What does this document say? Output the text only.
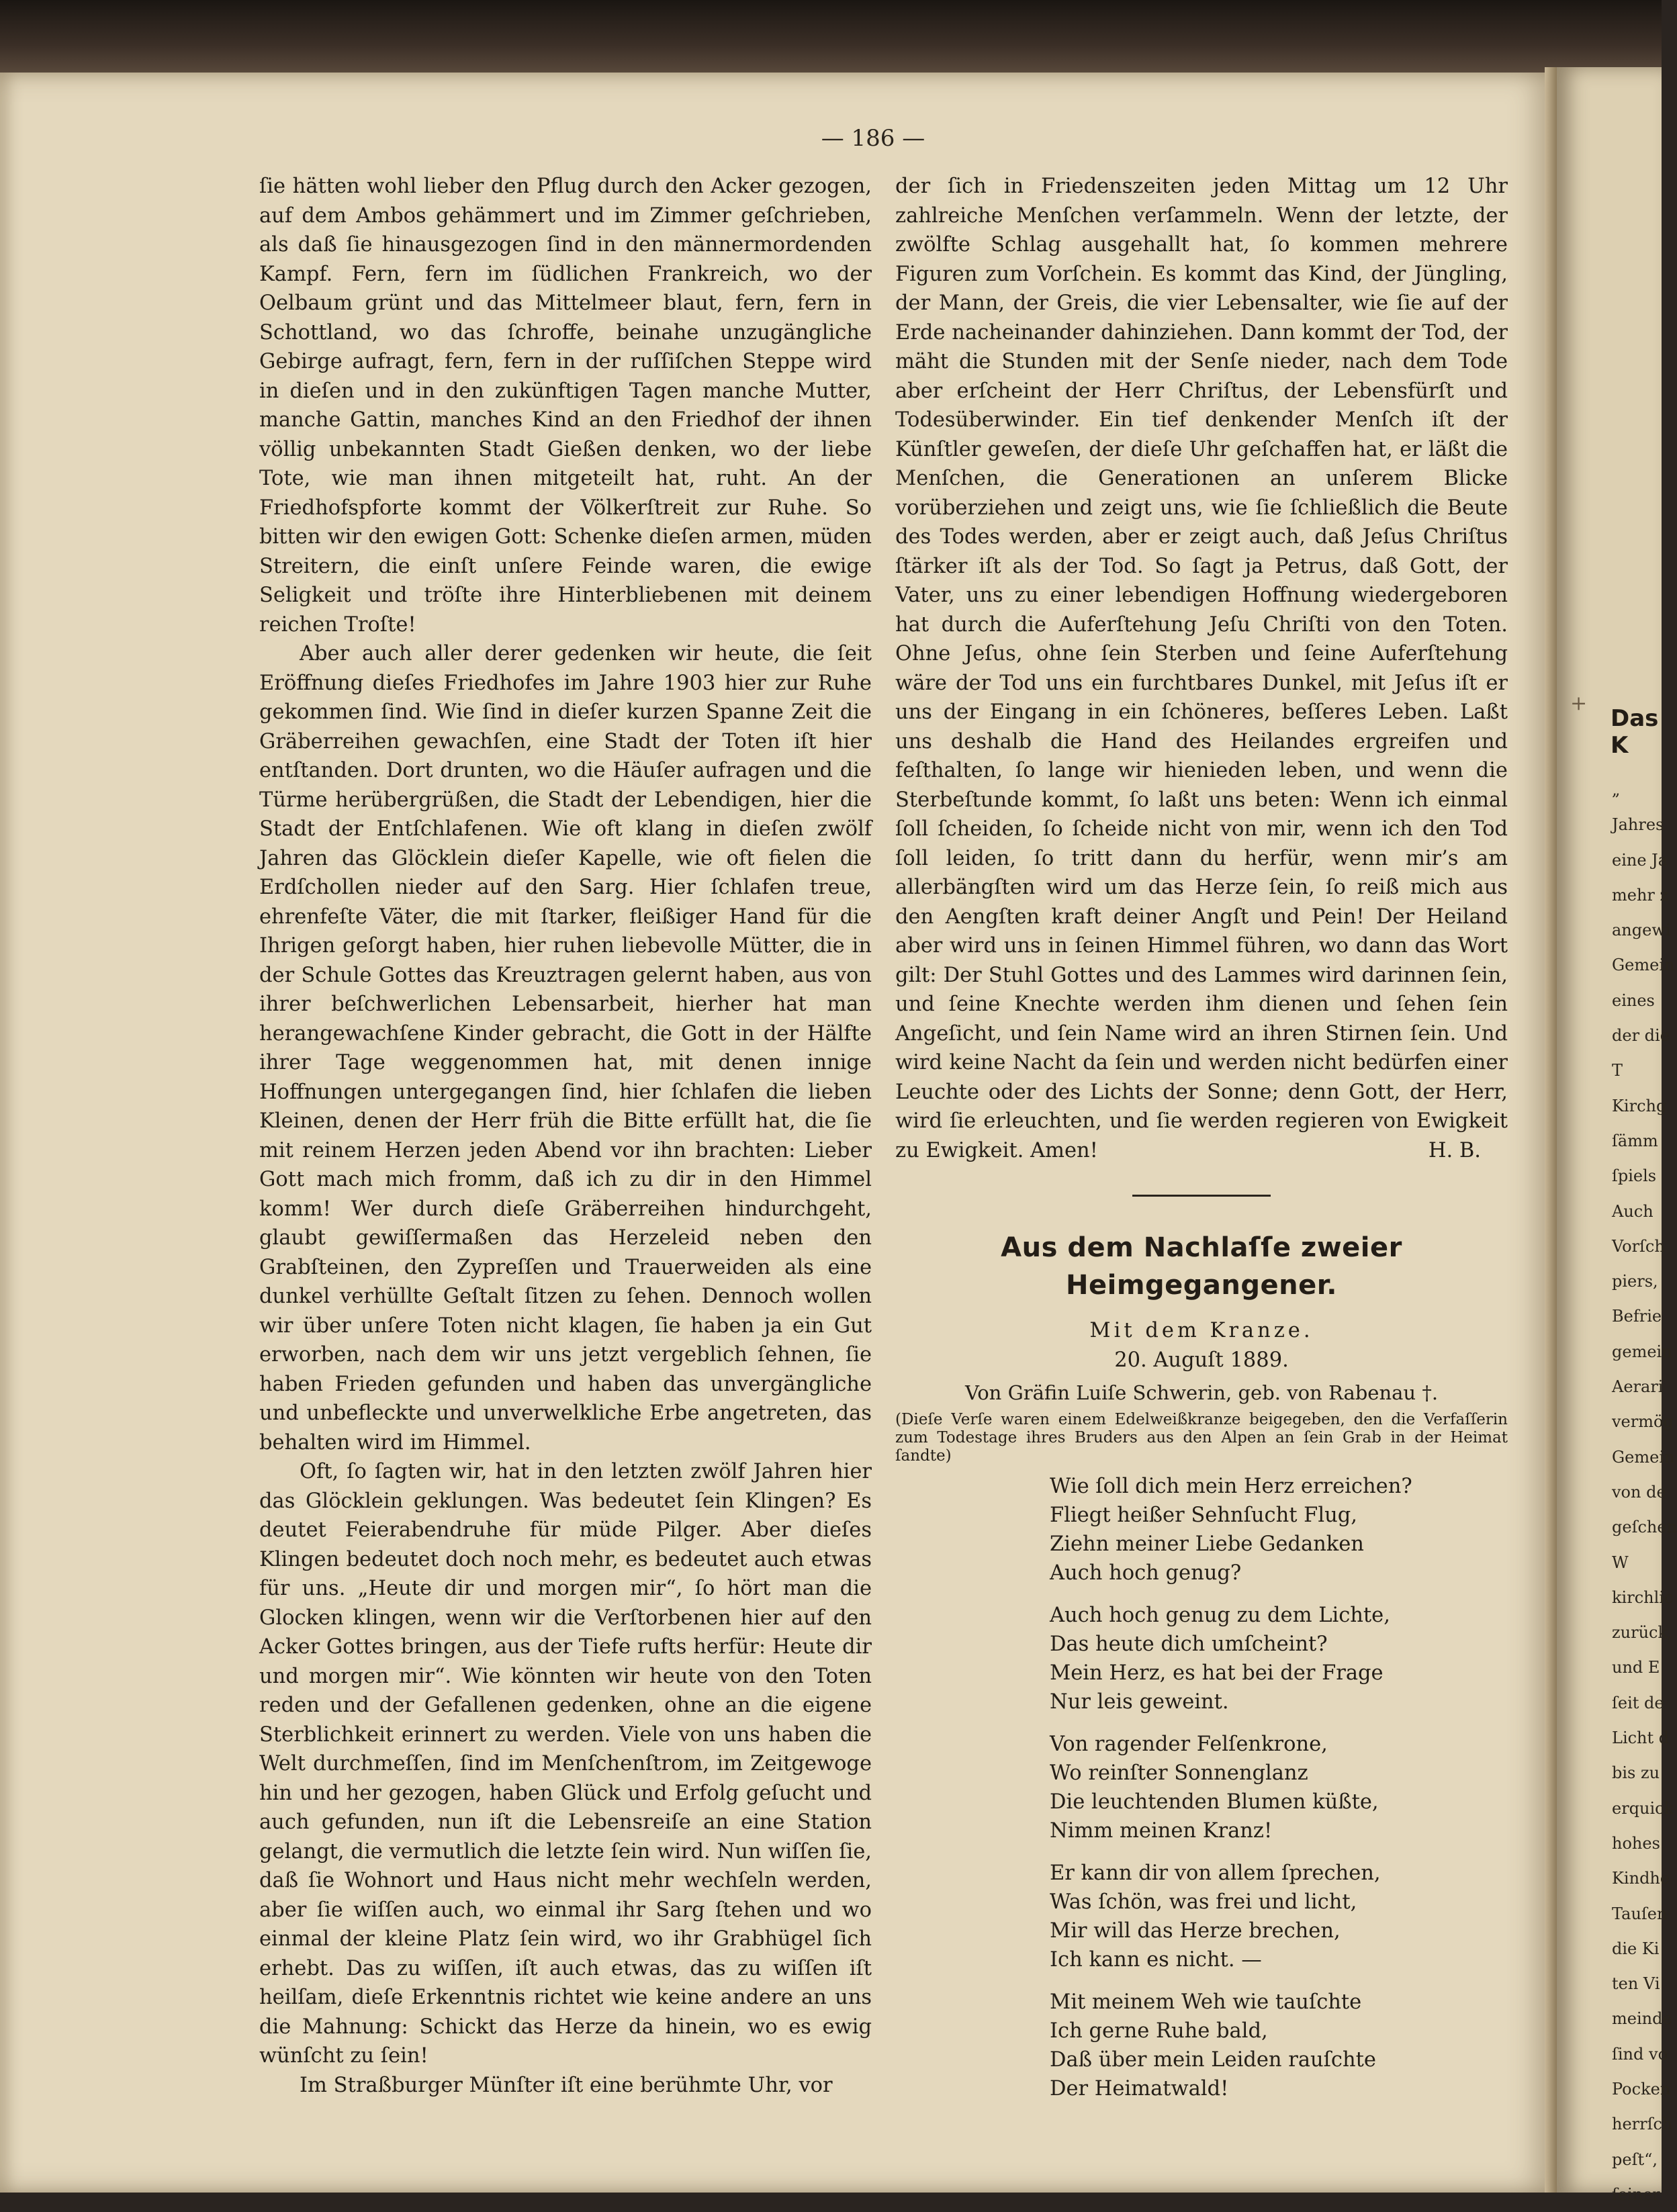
— 186 —

ſie hätten wohl lieber den Pflug durch den Acker gezogen, auf dem Ambos gehämmert und im Zimmer geſchrieben, als daß ſie hinausgezogen ſind in den männermordenden Kampf. Fern, fern im ſüdlichen Frankreich, wo der Oelbaum grünt und das Mittelmeer blaut, fern, fern in Schottland, wo das ſchroffe, beinahe unzugängliche Gebirge aufragt, fern, fern in der ruſſiſchen Steppe wird in dieſen und in den zukünftigen Tagen manche Mutter, manche Gattin, manches Kind an den Friedhof der ihnen völlig unbekannten Stadt Gießen denken, wo der liebe Tote, wie man ihnen mitgeteilt hat, ruht. An der Friedhofspforte kommt der Völkerſtreit zur Ruhe. So bitten wir den ewigen Gott: Schenke dieſen armen, müden Streitern, die einſt unſere Feinde waren, die ewige Seligkeit und tröſte ihre Hinterbliebenen mit deinem reichen Troſte!

Aber auch aller derer gedenken wir heute, die ſeit Eröffnung dieſes Friedhofes im Jahre 1903 hier zur Ruhe gekommen ſind. Wie ſind in dieſer kurzen Spanne Zeit die Gräberreihen gewachſen, eine Stadt der Toten iſt hier entſtanden. Dort drunten, wo die Häuſer aufragen und die Türme herübergrüßen, die Stadt der Lebendigen, hier die Stadt der Entſchlafenen. Wie oft klang in dieſen zwölf Jahren das Glöcklein dieſer Kapelle, wie oft fielen die Erdſchollen nieder auf den Sarg. Hier ſchlafen treue, ehrenfeſte Väter, die mit ſtarker, fleißiger Hand für die Ihrigen geſorgt haben, hier ruhen liebevolle Mütter, die in der Schule Gottes das Kreuztragen gelernt haben, aus von ihrer beſchwerlichen Lebensarbeit, hierher hat man herangewachſene Kinder gebracht, die Gott in der Hälfte ihrer Tage weggenommen hat, mit denen innige Hoffnungen untergegangen ſind, hier ſchlafen die lieben Kleinen, denen der Herr früh die Bitte erfüllt hat, die ſie mit reinem Herzen jeden Abend vor ihn brachten: Lieber Gott mach mich fromm, daß ich zu dir in den Himmel komm! Wer durch dieſe Gräberreihen hindurchgeht, glaubt gewiſſermaßen das Herzeleid neben den Grabſteinen, den Zypreſſen und Trauerweiden als eine dunkel verhüllte Geſtalt ſitzen zu ſehen. Dennoch wollen wir über unſere Toten nicht klagen, ſie haben ja ein Gut erworben, nach dem wir uns jetzt vergeblich ſehnen, ſie haben Frieden gefunden und haben das unvergängliche und unbefleckte und unverwelkliche Erbe angetreten, das behalten wird im Himmel.

Oft, ſo ſagten wir, hat in den letzten zwölf Jahren hier das Glöcklein geklungen. Was bedeutet ſein Klingen? Es deutet Feierabendruhe für müde Pilger. Aber dieſes Klingen bedeutet doch noch mehr, es bedeutet auch etwas für uns. „Heute dir und morgen mir“, ſo hört man die Glocken klingen, wenn wir die Verſtorbenen hier auf den Acker Gottes bringen, aus der Tiefe rufts herfür: Heute dir und morgen mir“. Wie könnten wir heute von den Toten reden und der Gefallenen gedenken, ohne an die eigene Sterblichkeit erinnert zu werden. Viele von uns haben die Welt durchmeſſen, ſind im Menſchenſtrom, im Zeitgewoge hin und her gezogen, haben Glück und Erfolg geſucht und auch gefunden, nun iſt die Lebensreiſe an eine Station gelangt, die vermutlich die letzte ſein wird. Nun wiſſen ſie, daß ſie Wohnort und Haus nicht mehr wechſeln werden, aber ſie wiſſen auch, wo einmal ihr Sarg ſtehen und wo einmal der kleine Platz ſein wird, wo ihr Grabhügel ſich erhebt. Das zu wiſſen, iſt auch etwas, das zu wiſſen iſt heilſam, dieſe Erkenntnis richtet wie keine andere an uns die Mahnung: Schickt das Herze da hinein, wo es ewig wünſcht zu ſein!

Im Straßburger Münſter iſt eine berühmte Uhr, vor

der ſich in Friedenszeiten jeden Mittag um 12 Uhr zahlreiche Menſchen verſammeln. Wenn der letzte, der zwölfte Schlag ausgehallt hat, ſo kommen mehrere Figuren zum Vorſchein. Es kommt das Kind, der Jüngling, der Mann, der Greis, die vier Lebensalter, wie ſie auf der Erde nacheinander dahinziehen. Dann kommt der Tod, der mäht die Stunden mit der Senſe nieder, nach dem Tode aber erſcheint der Herr Chriſtus, der Lebensfürſt und Todesüberwinder. Ein tief denkender Menſch iſt der Künſtler geweſen, der dieſe Uhr geſchaffen hat, er läßt die Menſchen, die Generationen an unſerem Blicke vorüberziehen und zeigt uns, wie ſie ſchließlich die Beute des Todes werden, aber er zeigt auch, daß Jeſus Chriſtus ſtärker iſt als der Tod. So ſagt ja Petrus, daß Gott, der Vater, uns zu einer lebendigen Hoffnung wiedergeboren hat durch die Auferſtehung Jeſu Chriſti von den Toten. Ohne Jeſus, ohne ſein Sterben und ſeine Auferſtehung wäre der Tod uns ein furchtbares Dunkel, mit Jeſus iſt er uns der Eingang in ein ſchöneres, beſſeres Leben. Laßt uns deshalb die Hand des Heilandes ergreifen und feſthalten, ſo lange wir hienieden leben, und wenn die Sterbeſtunde kommt, ſo laßt uns beten: Wenn ich einmal ſoll ſcheiden, ſo ſcheide nicht von mir, wenn ich den Tod ſoll leiden, ſo tritt dann du herfür, wenn mir’s am allerbängſten wird um das Herze ſein, ſo reiß mich aus den Aengſten kraft deiner Angſt und Pein! Der Heiland aber wird uns in ſeinen Himmel führen, wo dann das Wort gilt: Der Stuhl Gottes und des Lammes wird darinnen ſein, und ſeine Knechte werden ihm dienen und ſehen ſein Angeſicht, und ſein Name wird an ihren Stirnen ſein. Und wird keine Nacht da ſein und werden nicht bedürfen einer Leuchte oder des Lichts der Sonne; denn Gott, der Herr, wird ſie erleuchten, und ſie werden regieren von Ewigkeit zu Ewigkeit. Amen!	H. B.
Aus dem Nachlaſſe zweier Heimgegangener.
Mit dem Kranze.
20. Auguſt 1889.
Von Gräfin Luiſe Schwerin, geb. von Rabenau †.
(Dieſe Verſe waren einem Edelweißkranze beigegeben, den die Verfaſſerin zum Todestage ihres Bruders aus den Alpen an ſein Grab in der Heimat ſandte)
Wie ſoll dich mein Herz erreichen?
Fliegt heißer Sehnſucht Flug,
Ziehn meiner Liebe Gedanken
Auch hoch genug?
Auch hoch genug zu dem Lichte,
Das heute dich umſcheint?
Mein Herz, es hat bei der Frage
Nur leis geweint.
Von ragender Felſenkrone,
Wo reinſter Sonnenglanz
Die leuchtenden Blumen küßte,
Nimm meinen Kranz!
Er kann dir von allem ſprechen,
Was ſchön, was frei und licht,
Mir will das Herze brechen,
Ich kann es nicht. —
Mit meinem Weh wie tauſchte
Ich gerne Ruhe bald,
Daß über mein Leiden rauſchte
Der Heimatwald!
+
Das K
„
Jahres
eine Ja
mehr z
angewi
Gemein
eines
der die
T
Kirchg
ſämm
ſpiels
Auch
Vorſch
piers,
Befrie
gemein
Aerari
vermög
Gemein
von de
geſchen
W
kirchlic
zurück,
und E
ſeit de
Licht d
bis zu
erquick
hohes
Kindhe
Tauſen
die Ki
ten Vi
meinde
ſind vo
Pocken
herrſch
peſt“,
ſeiner
